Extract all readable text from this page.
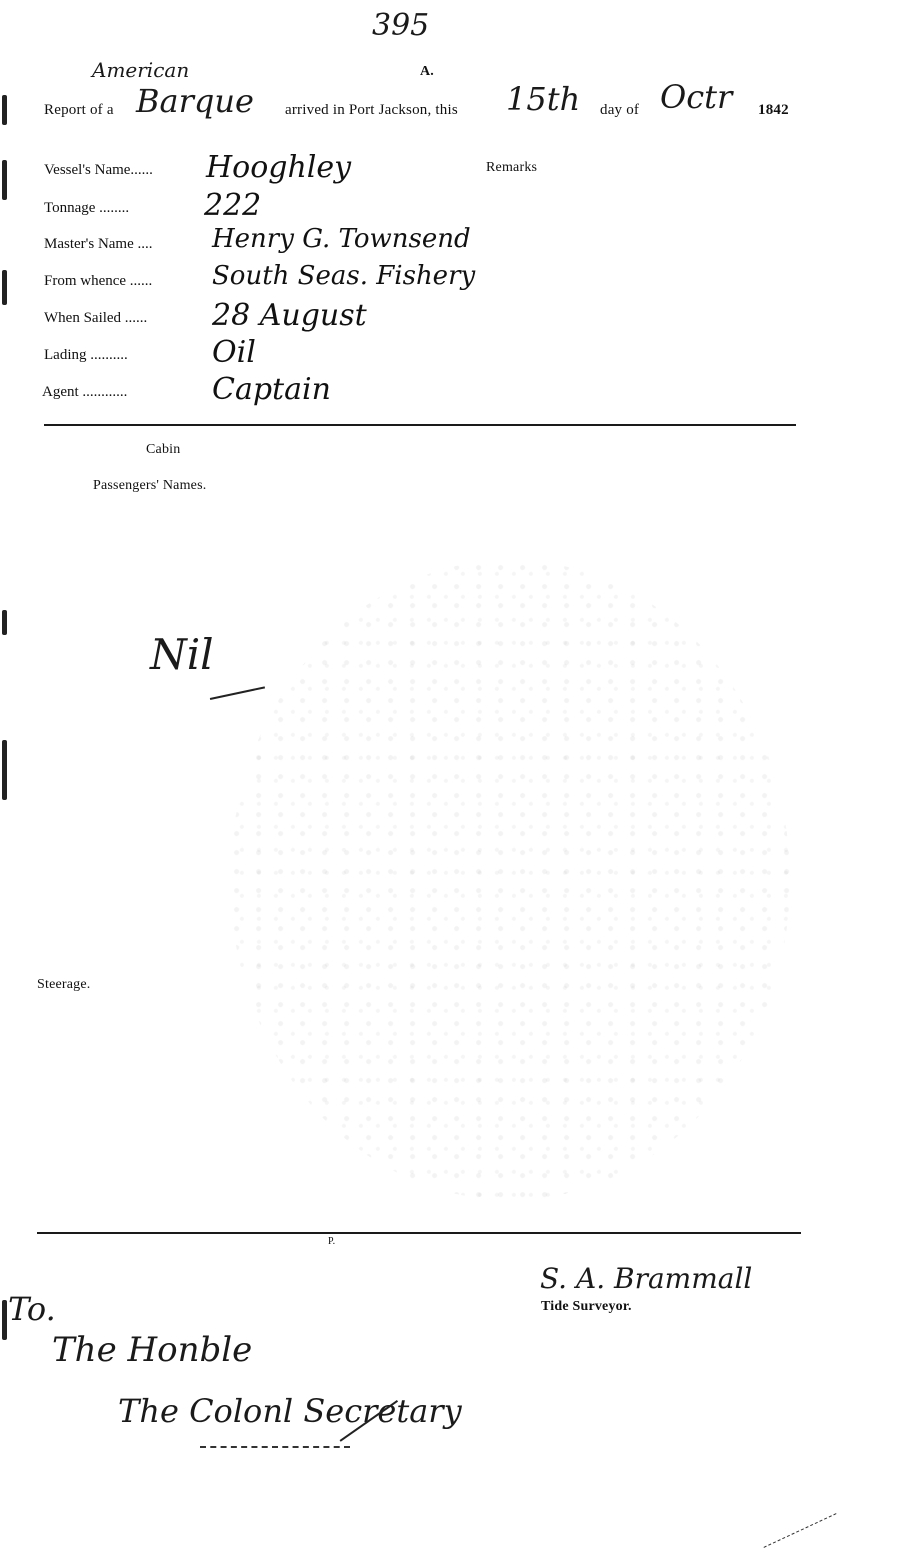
395
A.
American
Report of a Barque arrived in Port Jackson, this 15th day of Octr 1842
Remarks
Vessel's Name...... Hooghley
Tonnage ........ 222
Master's Name .... Henry G. Townsend
From whence ...... South Seas. Fishery
When Sailed ...... 28 August
Lading ..........	Oil
Agent ............	Captain
Cabin
Passengers' Names.
Nil
Steerage.
P.
S. A. Brammall
Tide Surveyor.
To.
The Honble
The Colonl Secretary
